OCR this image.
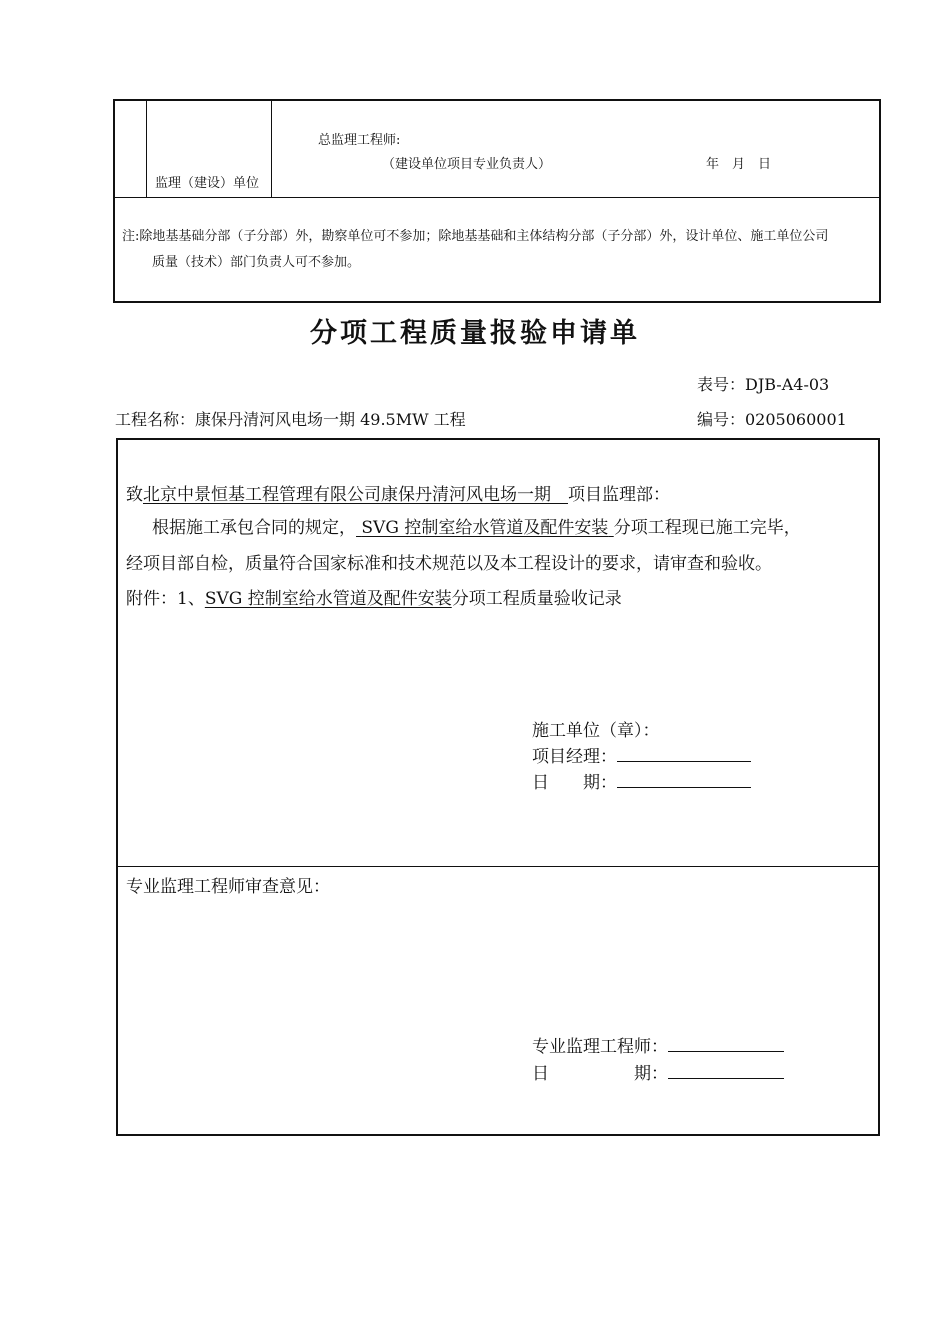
监理（建设）单位
总监理工程师:
（建设单位项目专业负责人）	年　月　日
注:除地基基础分部（子分部）外，勘察单位可不参加；除地基基础和主体结构分部（子分部）外，设计单位、施工单位公司
质量（技术）部门负责人可不参加。
分项工程质量报验申请单
表号：DJB-A4-03
工程名称：康保丹清河风电场一期 49.5MW 工程	编号：0205060001
致北京中景恒基工程管理有限公司康保丹清河风电场一期　 项目监理部：
根据施工承包合同的规定， SVG 控制室给水管道及配件安装 分项工程现已施工完毕，
经项目部自检，质量符合国家标准和技术规范以及本工程设计的要求，请审查和验收。
附件：1、SVG 控制室给水管道及配件安装分项工程质量验收记录
施工单位（章）：
项目经理：
日　　期：
专业监理工程师审查意见：
专业监理工程师：
日　　　　　期：
